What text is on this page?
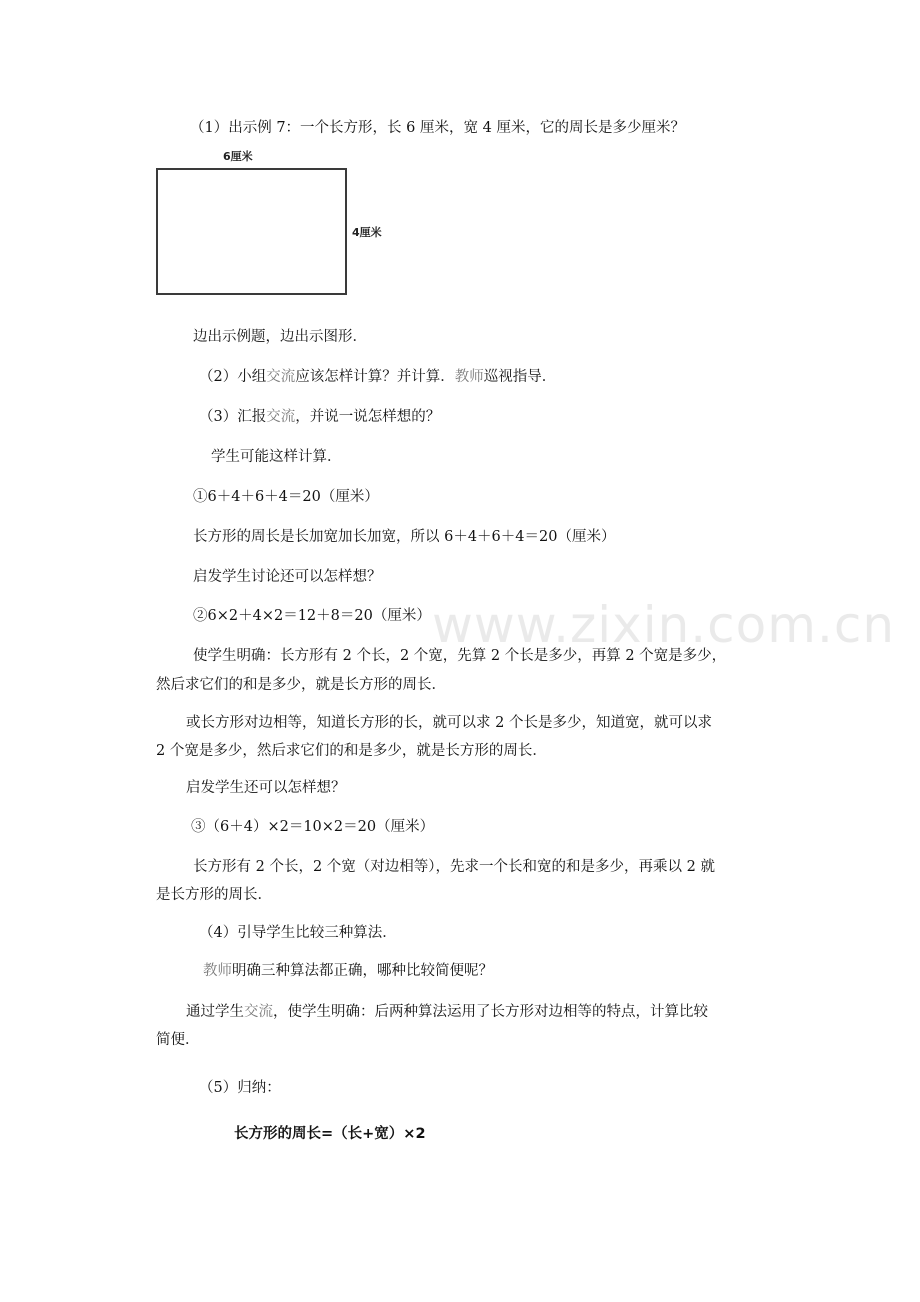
www.zixin.com.cn
（1）出示例 7：一个长方形，长 6 厘米，宽 4 厘米，它的周长是多少厘米？
6厘米
4厘米
边出示例题，边出示图形．
（2）小组交流应该怎样计算？并计算．教师巡视指导．
（3）汇报交流，并说一说怎样想的？
学生可能这样计算．
①6＋4＋6＋4＝20（厘米）
长方形的周长是长加宽加长加宽，所以 6＋4＋6＋4＝20（厘米）
启发学生讨论还可以怎样想？
②6×2＋4×2＝12＋8＝20（厘米）
使学生明确：长方形有 2 个长，2 个宽，先算 2 个长是多少，再算 2 个宽是多少，
然后求它们的和是多少，就是长方形的周长．
或长方形对边相等，知道长方形的长，就可以求 2 个长是多少，知道宽，就可以求
2 个宽是多少，然后求它们的和是多少，就是长方形的周长．
启发学生还可以怎样想？
③（6＋4）×2＝10×2＝20（厘米）
长方形有 2 个长，2 个宽（对边相等），先求一个长和宽的和是多少，再乘以 2 就
是长方形的周长．
（4）引导学生比较三种算法．
教师明确三种算法都正确，哪种比较简便呢？
通过学生交流，使学生明确：后两种算法运用了长方形对边相等的特点，计算比较
简便．
（5）归纳：
长方形的周长=（长+宽）×2
